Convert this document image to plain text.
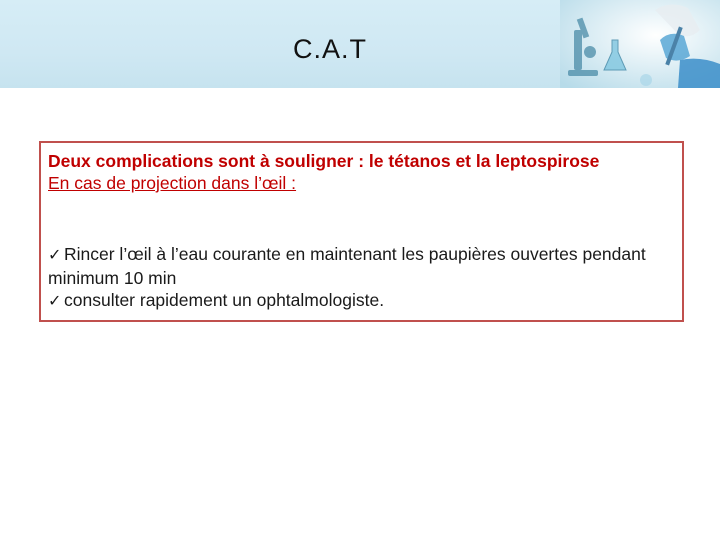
C.A.T
Deux complications sont à souligner : le tétanos et la leptospirose
En cas de projection dans l’œil :
✓ Rincer l’œil à l’eau courante en maintenant les paupières ouvertes pendant minimum 10 min
✓ consulter rapidement un ophtalmologiste.
